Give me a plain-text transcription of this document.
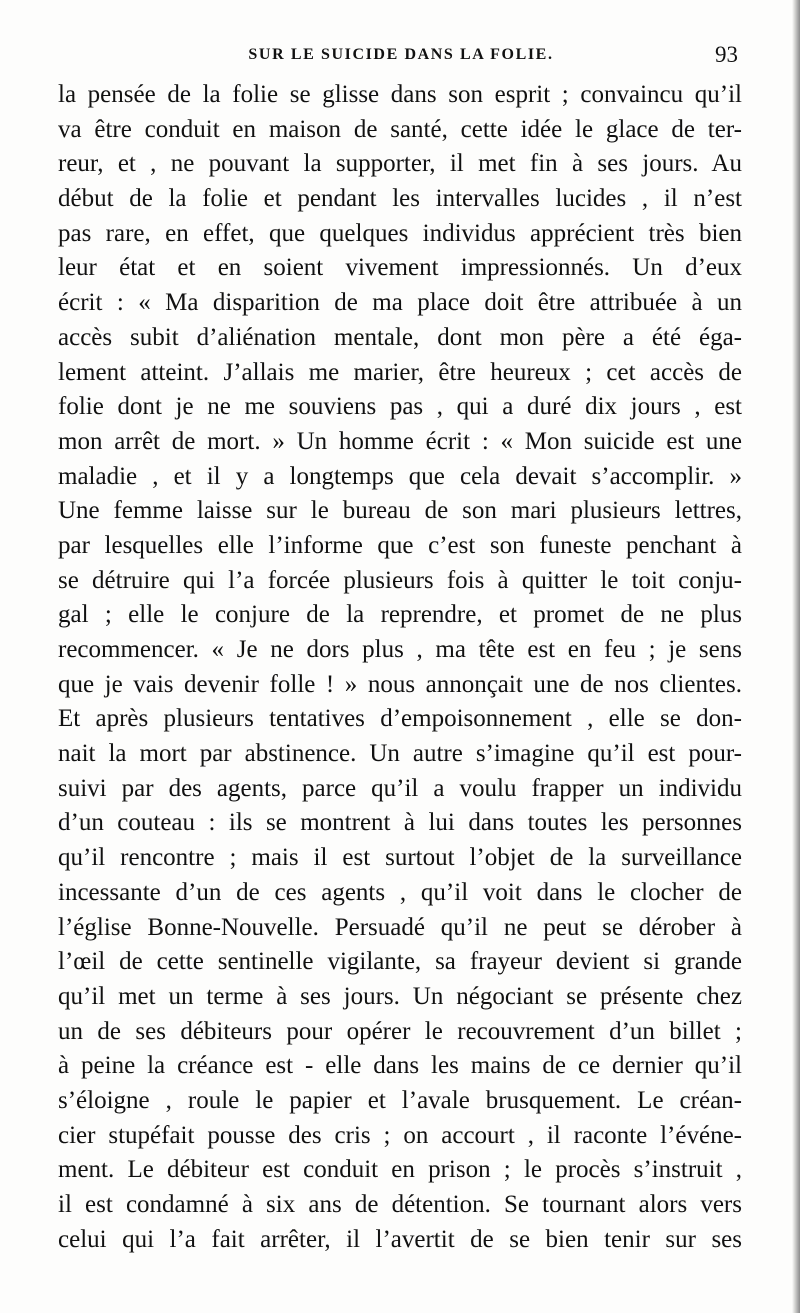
SUR LE SUICIDE DANS LA FOLIE.	93
la pensée de la folie se glisse dans son esprit ; convaincu qu’il
va être conduit en maison de santé, cette idée le glace de ter-
reur, et , ne pouvant la supporter, il met fin à ses jours. Au
début de la folie et pendant les intervalles lucides , il n’est
pas rare, en effet, que quelques individus apprécient très bien
leur état et en soient vivement impressionnés. Un d’eux
écrit : « Ma disparition de ma place doit être attribuée à un
accès subit d’aliénation mentale, dont mon père a été éga-
lement atteint. J’allais me marier, être heureux ; cet accès de
folie dont je ne me souviens pas , qui a duré dix jours , est
mon arrêt de mort. » Un homme écrit : « Mon suicide est une
maladie , et il y a longtemps que cela devait s’accomplir. »
Une femme laisse sur le bureau de son mari plusieurs lettres,
par lesquelles elle l’informe que c’est son funeste penchant à
se détruire qui l’a forcée plusieurs fois à quitter le toit conju-
gal ; elle le conjure de la reprendre, et promet de ne plus
recommencer. « Je ne dors plus , ma tête est en feu ; je sens
que je vais devenir folle ! » nous annonçait une de nos clientes.
Et après plusieurs tentatives d’empoisonnement , elle se don-
nait la mort par abstinence. Un autre s’imagine qu’il est pour-
suivi par des agents, parce qu’il a voulu frapper un individu
d’un couteau : ils se montrent à lui dans toutes les personnes
qu’il rencontre ; mais il est surtout l’objet de la surveillance
incessante d’un de ces agents , qu’il voit dans le clocher de
l’église Bonne-Nouvelle. Persuadé qu’il ne peut se dérober à
l’œil de cette sentinelle vigilante, sa frayeur devient si grande
qu’il met un terme à ses jours. Un négociant se présente chez
un de ses débiteurs pour opérer le recouvrement d’un billet ;
à peine la créance est - elle dans les mains de ce dernier qu’il
s’éloigne , roule le papier et l’avale brusquement. Le créan-
cier stupéfait pousse des cris ; on accourt , il raconte l’événe-
ment. Le débiteur est conduit en prison ; le procès s’instruit ,
il est condamné à six ans de détention. Se tournant alors vers
celui qui l’a fait arrêter, il l’avertit de se bien tenir sur ses
